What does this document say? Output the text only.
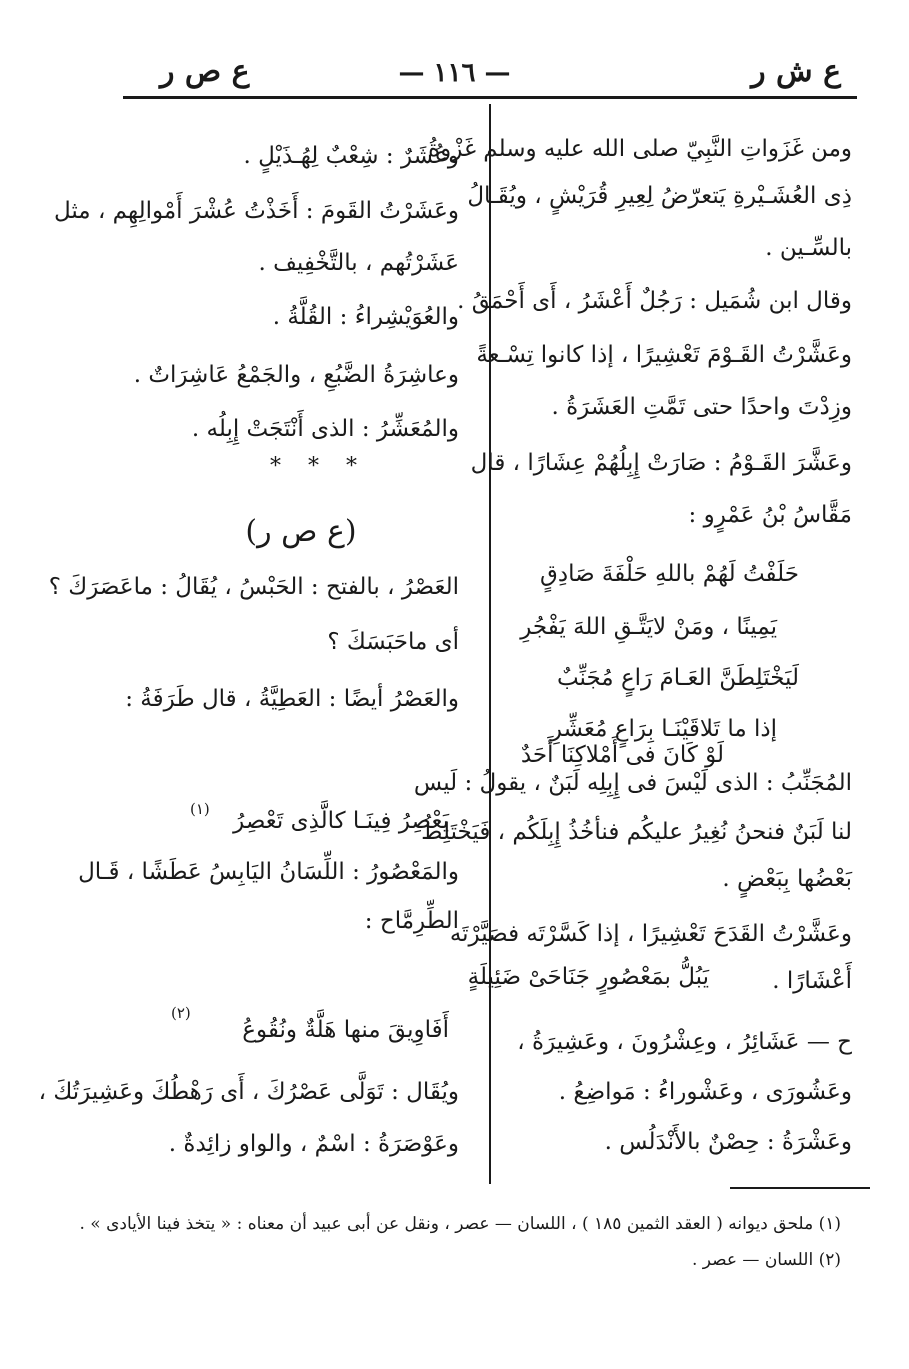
ع ش ر
— ١١٦ —
ع ص ر
ومن غَزَواتِ النَّبِيّ صلى الله عليه وسلم غَزْوةُ
ذِى العُشَـيْرةِ يَتعرّضُ لِعِيرِ قُرَيْشٍ ، ويُقَـالُ
بالسِّـين .
وقال ابن شُمَيل : رَجُلٌ أَعْشَرُ ، أَى أَحْمَقُ .
وعَشَّرْتُ القَـوْمَ تَعْشِيرًا ، إذا كانوا تِسْـعةً
وزِدْتَ واحدًا حتى تَمَّتِ العَشَرَةُ .
وعَشَّرَ القَـوْمُ : صَارَتْ إِبِلُهُمْ عِشَارًا ، قال
مَقَّاسُ بْنُ عَمْرٍو :
حَلَفْتُ لَهُمْ باللهِ حَلْفَةَ صَادِقٍ
يَمِينًا ، ومَنْ لايَتَّـقِ اللهَ يَفْجُرِ
لَيَخْتَلِطَنَّ العَـامَ رَاعٍ مُجَنِّبٌ
إذا ما تَلاقَيْنَـا بِرَاعٍ مُعَشِّرِ
المُجَنِّبُ : الذى لَيْسَ فى إِبِلِه لَبَنٌ ، يقولُ : لَيس
لنا لَبَنٌ فنحنُ نُغِيرُ عليكُم فنأخُذُ إِبِلَكُم ، فَيَخْتَلِطُ
بَعْضُها بِبَعْضٍ .
وعَشَّرْتُ القَدَحَ تَعْشِيرًا ، إذا كَسَّرْتَه فصَيَّرْتَه
أَعْشَارًا .
ح — عَشَائِرُ ، وعِشْرُونَ ، وعَشِيرَةُ ،
وعَشُورَى ، وعَشْوراءُ : مَواضِعُ .
وعَشْرَةُ : حِصْنٌ بالأَنْدَلُس .
وعُشَرٌ : شِعْبٌ لِهُـذَيْلٍ .
وعَشَرْتُ القَومَ : أَخَذْتُ عُشْرَ أَمْوالِهِم ، مثل
عَشَرْتُهم ، بالتَّخْفِيف .
والعُوَيْشِراءُ : القُلَّةُ .
وعاشِرَةُ الضَّبُعِ ، والجَمْعُ عَاشِرَاتٌ .
والمُعَشِّرُ : الذى أَنْتَجَتْ إِبِلُه .
* * *
(ع ص ر)
العَصْرُ ، بالفتح : الحَبْسُ ، يُقَالُ : ماعَصَرَكَ ؟
أى ماحَبَسَكَ ؟
والعَصْرُ أيضًا : العَطِيَّةُ ، قال طَرَفَةُ :
لَوْ كَانَ فى أَمْلاكِنَا أَحَدٌ
(١) يَعْصِرُ فِينَـا كالَّذِى تَعْصِرُ
والمَعْصُورُ : اللِّسَانُ اليَابِسُ عَطَشًا ، قَـال
الطِّرِمَّاح :
يَبُلُّ بمَعْصُورٍ جَنَاحَىْ ضَئِيلَةٍ
(٢)
أَفَاوِيقَ منها هَلَّةٌ ونُقُوعُ
ويُقَال : تَوَلَّى عَصْرُكَ ، أَى رَهْطُكَ وعَشِيرَتُكَ ،
وعَوْصَرَةُ : اسْمٌ ، والواو زائِدةٌ .
(١) ملحق ديوانه ( العقد الثمين ١٨٥ ) ، اللسان — عصر ، ونقل عن أبى عبيد أن معناه : « يتخذ فينا الأيادى » .
(٢) اللسان — عصر .
